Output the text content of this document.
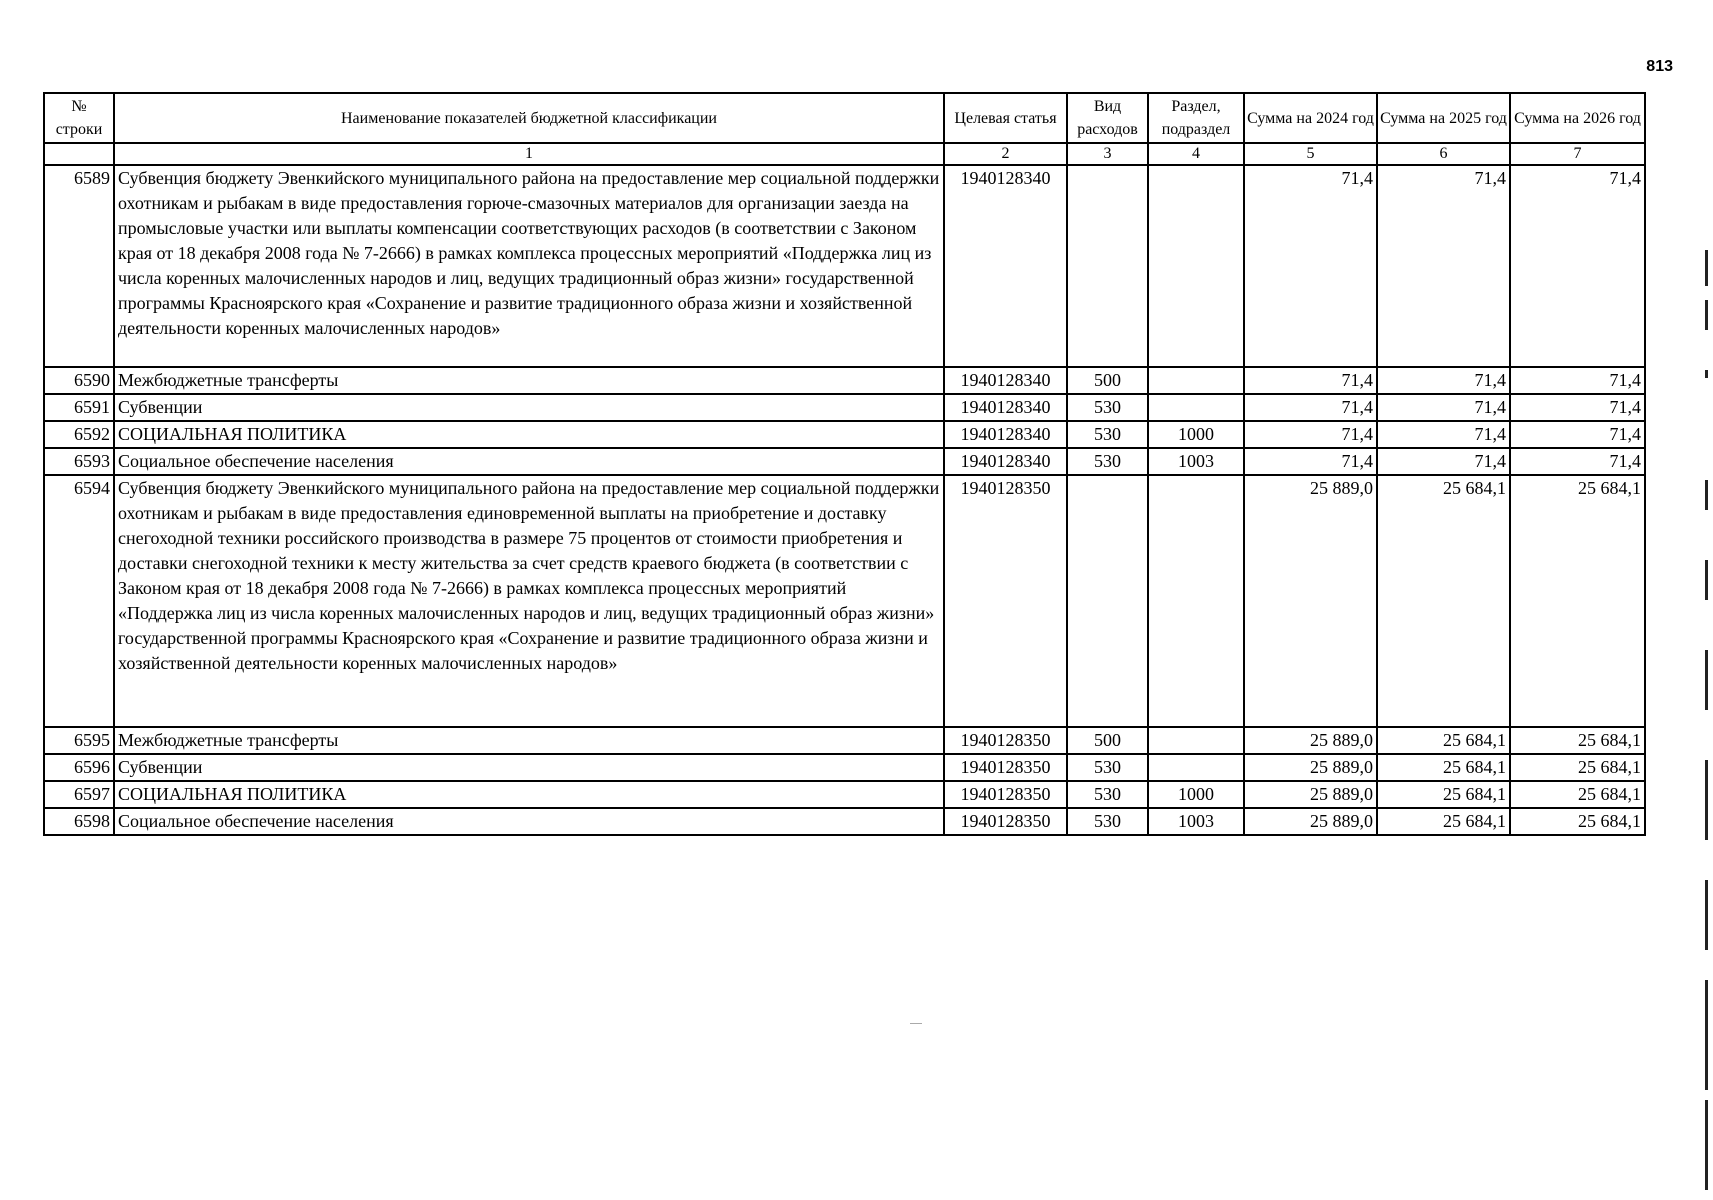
813
№ строки	Наименование показателей бюджетной классификации	Целевая статья	Вид расходов	Раздел, подраздел	Сумма на 2024 год	Сумма на 2025 год	Сумма на 2026 год
	1	2	3	4	5	6	7
6589	Субвенция бюджету Эвенкийского муниципального района на предоставление мер социальной поддержки охотникам и рыбакам в виде предоставления горюче-смазочных материалов для организации заезда на промысловые участки или выплаты компенсации соответствующих расходов (в соответствии с Законом края от 18 декабря 2008 года № 7-2666) в рамках комплекса процессных мероприятий «Поддержка лиц из числа коренных малочисленных народов и лиц, ведущих традиционный образ жизни» государственной программы Красноярского края «Сохранение и развитие традиционного образа жизни и хозяйственной деятельности коренных малочисленных народов»	1940128340			71,4	71,4	71,4
6590	Межбюджетные трансферты	1940128340	500		71,4	71,4	71,4
6591	Субвенции	1940128340	530		71,4	71,4	71,4
6592	СОЦИАЛЬНАЯ ПОЛИТИКА	1940128340	530	1000	71,4	71,4	71,4
6593	Социальное обеспечение населения	1940128340	530	1003	71,4	71,4	71,4
6594	Субвенция бюджету Эвенкийского муниципального района на предоставление мер социальной поддержки охотникам и рыбакам в виде предоставления единовременной выплаты на приобретение и доставку снегоходной техники российского производства в размере 75 процентов от стоимости приобретения и доставки снегоходной техники к месту жительства за счет средств краевого бюджета (в соответствии с Законом края от 18 декабря 2008 года № 7-2666) в рамках комплекса процессных мероприятий «Поддержка лиц из числа коренных малочисленных народов и лиц, ведущих традиционный образ жизни» государственной программы Красноярского края «Сохранение и развитие традиционного образа жизни и хозяйственной деятельности коренных малочисленных народов»	1940128350			25 889,0	25 684,1	25 684,1
6595	Межбюджетные трансферты	1940128350	500		25 889,0	25 684,1	25 684,1
6596	Субвенции	1940128350	530		25 889,0	25 684,1	25 684,1
6597	СОЦИАЛЬНАЯ ПОЛИТИКА	1940128350	530	1000	25 889,0	25 684,1	25 684,1
6598	Социальное обеспечение населения	1940128350	530	1003	25 889,0	25 684,1	25 684,1
